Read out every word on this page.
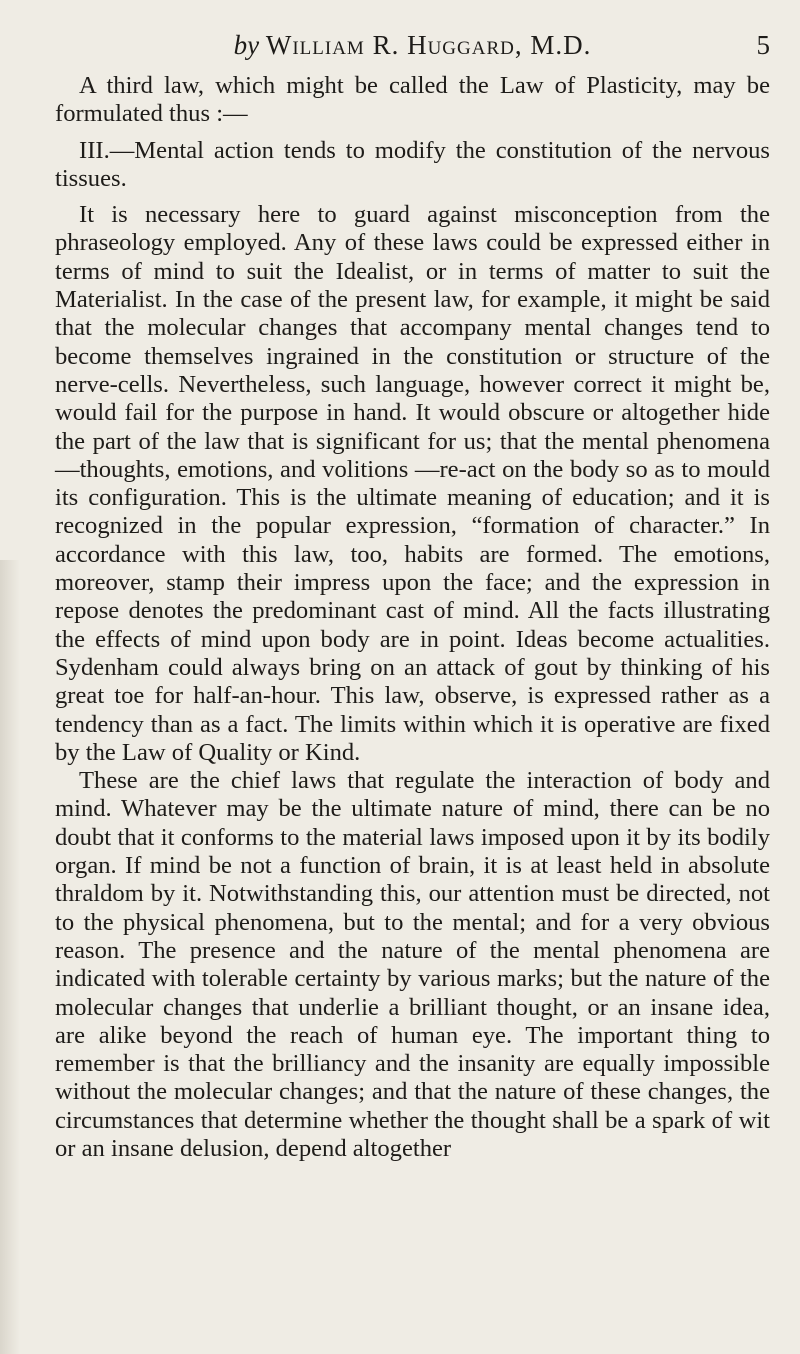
by William R. Huggard, M.D.	5

A third law, which might be called the Law of Plasticity, may be formulated thus :—

III.—Mental action tends to modify the constitution of the nervous tissues.

It is necessary here to guard against misconception from the phraseology employed. Any of these laws could be expressed either in terms of mind to suit the Idealist, or in terms of matter to suit the Materialist. In the case of the present law, for example, it might be said that the molecular changes that accompany mental changes tend to become themselves ingrained in the constitution or structure of the nerve-cells. Nevertheless, such language, however correct it might be, would fail for the purpose in hand. It would obscure or altogether hide the part of the law that is significant for us; that the mental phenomena—thoughts, emotions, and volitions —re-act on the body so as to mould its configuration. This is the ultimate meaning of education; and it is recognized in the popular expression, “formation of character.” In accordance with this law, too, habits are formed. The emotions, moreover, stamp their impress upon the face; and the expression in repose denotes the predominant cast of mind. All the facts illustrating the effects of mind upon body are in point. Ideas become actualities. Sydenham could always bring on an attack of gout by thinking of his great toe for half-an-hour. This law, observe, is expressed rather as a tendency than as a fact. The limits within which it is operative are fixed by the Law of Quality or Kind.

These are the chief laws that regulate the interaction of body and mind. Whatever may be the ultimate nature of mind, there can be no doubt that it conforms to the material laws imposed upon it by its bodily organ. If mind be not a function of brain, it is at least held in absolute thraldom by it. Notwithstanding this, our attention must be directed, not to the physical phenomena, but to the mental; and for a very obvious reason. The presence and the nature of the mental phenomena are indicated with tolerable certainty by various marks; but the nature of the molecular changes that underlie a brilliant thought, or an insane idea, are alike beyond the reach of human eye. The important thing to remember is that the brilliancy and the insanity are equally impossible without the molecular changes; and that the nature of these changes, the circumstances that determine whether the thought shall be a spark of wit or an insane delusion, depend altogether
